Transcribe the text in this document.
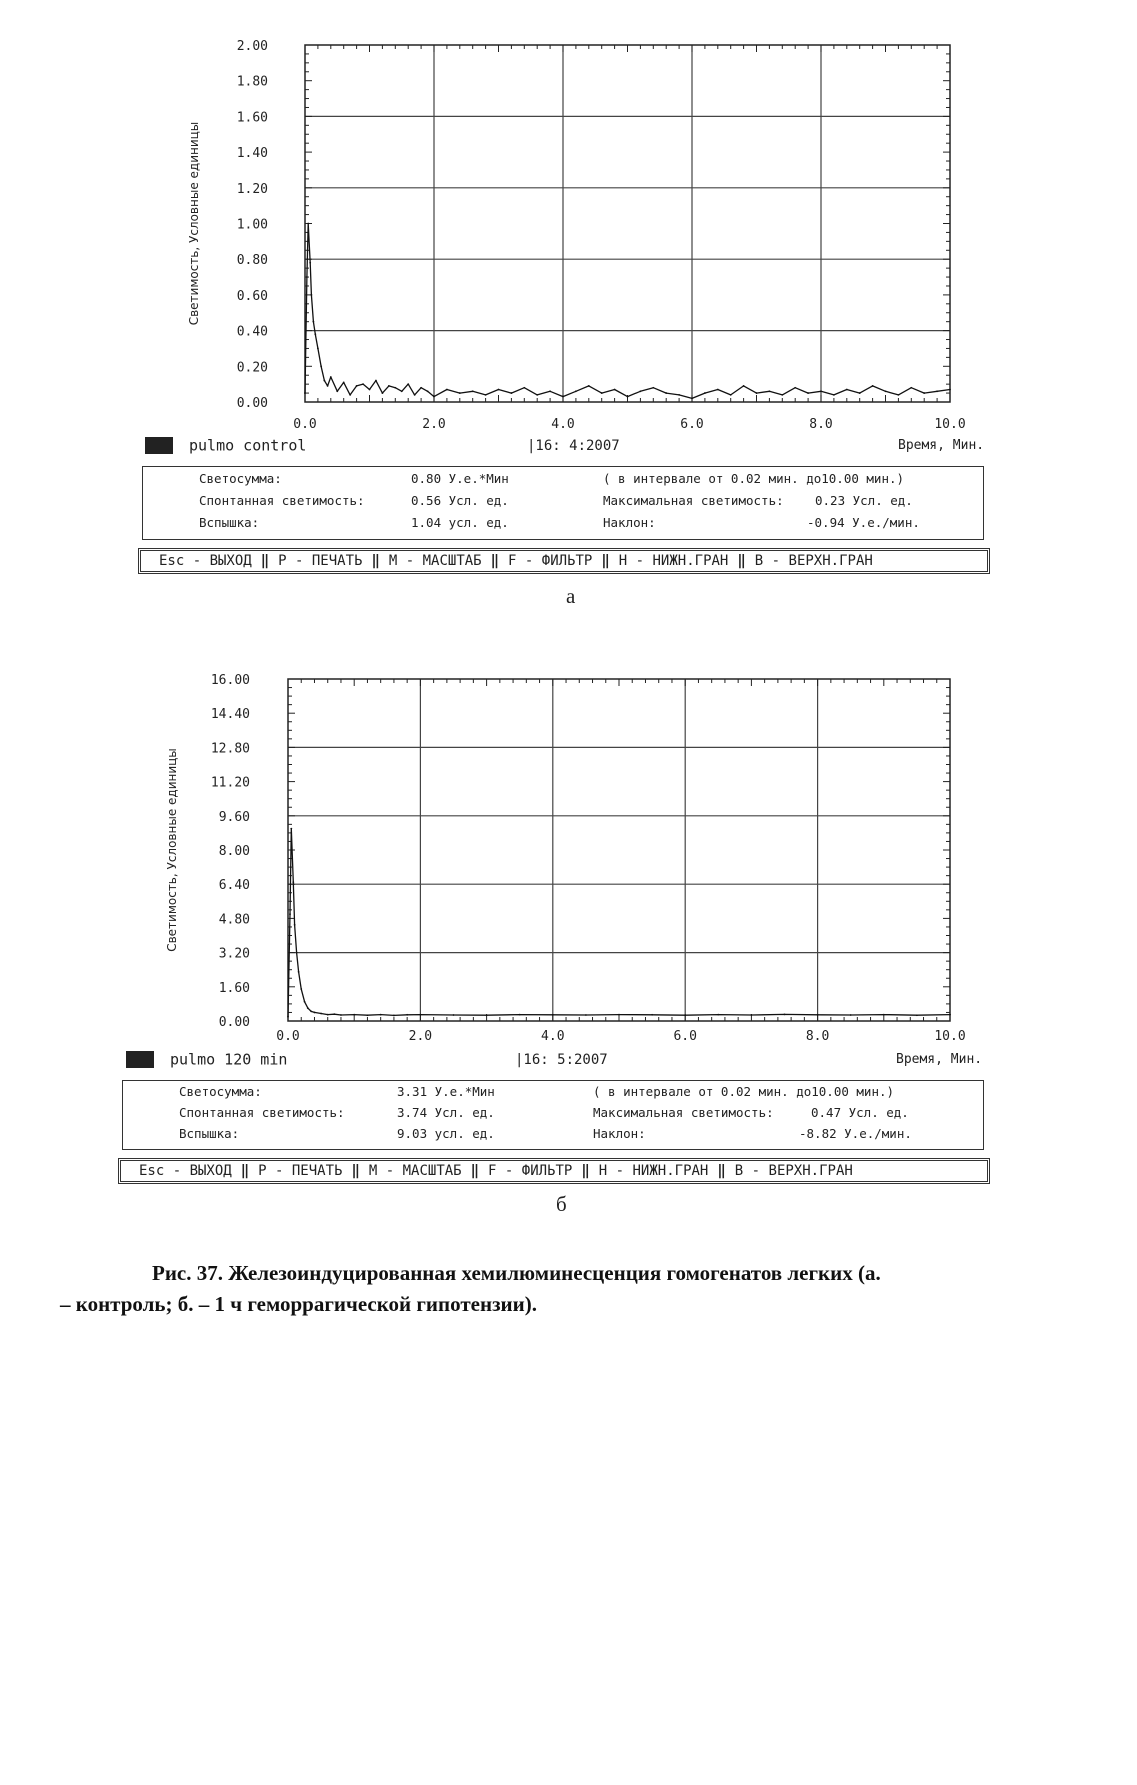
0.00
0.20
0.40
0.60
0.80
1.00
1.20
1.40
1.60
1.80
2.00
0.0	2.0	4.0	6.0	8.0	10.0
Светимость, Условные единицы
pulmo control	|16: 4:2007	Время, Мин.
Светосумма:	0.80 У.е.*Мин	( в интервале от 0.02 мин. до10.00 мин.)
Спонтанная светимость:	0.56 Усл. ед.	Максимальная светимость:	0.23 Усл. ед.
Вспышка:	1.04 усл. ед.	Наклон:	-0.94 У.е./мин.
Esc - ВЫХОД ‖ P - ПЕЧАТЬ ‖ M - МАСШТАБ ‖ F - ФИЛЬТР ‖ H - НИЖН.ГРАН ‖ B - ВЕРХН.ГРАН
а
0.00
1.60
3.20
4.80
6.40
8.00
9.60
11.20
12.80
14.40
16.00
0.0	2.0	4.0	6.0	8.0	10.0
Светимость, Условные единицы
pulmo 120 min	|16: 5:2007	Время, Мин.
Светосумма:	3.31 У.е.*Мин	( в интервале от 0.02 мин. до10.00 мин.)
Спонтанная светимость:	3.74 Усл. ед.	Максимальная светимость:	0.47 Усл. ед.
Вспышка:	9.03 усл. ед.	Наклон:	-8.82 У.е./мин.
Esc - ВЫХОД ‖ P - ПЕЧАТЬ ‖ M - МАСШТАБ ‖ F - ФИЛЬТР ‖ H - НИЖН.ГРАН ‖ B - ВЕРХН.ГРАН
б
Рис. 37. Железоиндуцированная хемилюминесценция гомогенатов легких (а.
– контроль; б. – 1 ч геморрагической гипотензии).
